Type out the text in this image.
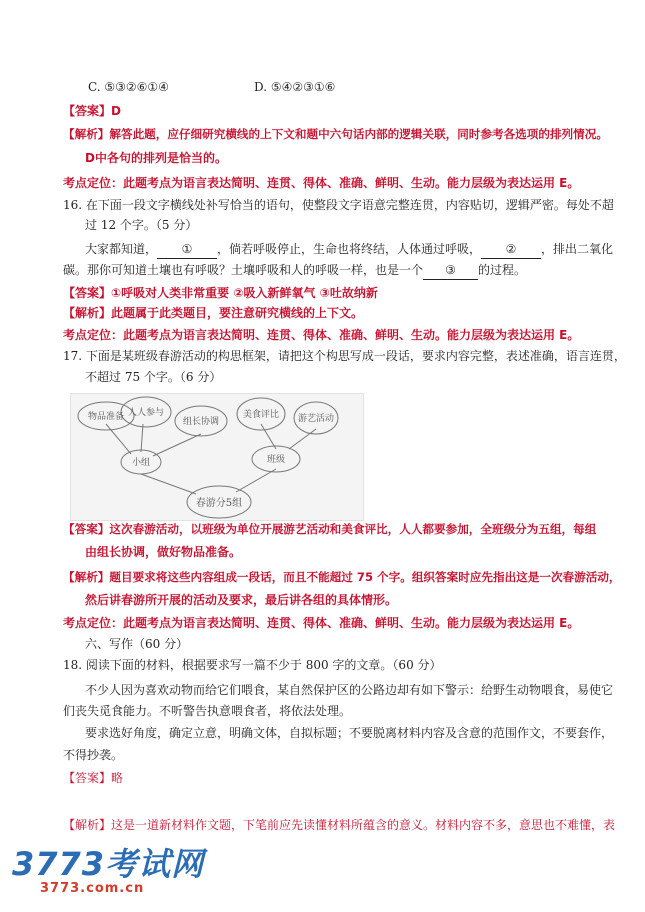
C. ⑤③②⑥①④	D. ⑤④②③①⑥
【答案】D
【解析】解答此题，应仔细研究横线的上下文和题中六句话内部的逻辑关联，同时参考各选项的排列情况。
D中各句的排列是恰当的。
考点定位：此题考点为语言表达简明、连贯、得体、准确、鲜明、生动。能力层级为表达运用 E。
16. 在下面一段文字横线处补写恰当的语句，使整段文字语意完整连贯，内容贴切，逻辑严密。每处不超
过 12 个字。（5 分）
大家都知道， ① ，倘若呼吸停止，生命也将终结，人体通过呼吸， ② ，排出二氧化
碳。那你可知道土壤也有呼吸？土壤呼吸和人的呼吸一样，也是一个 ③ 的过程。
【答案】①呼吸对人类非常重要 ②吸入新鲜氧气 ③吐故纳新
【解析】此题属于此类题目，要注意研究横线的上下文。
考点定位：此题考点为语言表达简明、连贯、得体、准确、鲜明、生动。能力层级为表达运用 E。
17. 下面是某班级春游活动的构思框架，请把这个构思写成一段话，要求内容完整，表述准确，语言连贯，
不超过 75 个字。（6 分）
物品准备 人人参与
组长协调
小组
美食评比 游艺活动
班级
春游分5组
【答案】这次春游活动，以班级为单位开展游艺活动和美食评比，人人都要参加，全班级分为五组，每组
由组长协调，做好物品准备。
【解析】题目要求将这些内容组成一段话，而且不能超过 75 个字。组织答案时应先指出这是一次春游活动，
然后讲春游所开展的活动及要求，最后讲各组的具体情形。
考点定位：此题考点为语言表达简明、连贯、得体、准确、鲜明、生动。能力层级为表达运用 E。
六、写作（60 分）
18. 阅读下面的材料，根据要求写一篇不少于 800 字的文章。（60 分）
不少人因为喜欢动物而给它们喂食，某自然保护区的公路边却有如下警示：给野生动物喂食，易使它
们丧失觅食能力。不听警告执意喂食者，将依法处理。
要求选好角度，确定立意，明确文体，自拟标题；不要脱离材料内容及含意的范围作文，不要套作，
不得抄袭。
【答案】略
【解析】这是一道新材料作文题，下笔前应先读懂材料所蕴含的意义。材料内容不多，意思也不难懂，表
3773考试网
3773.com.cn
